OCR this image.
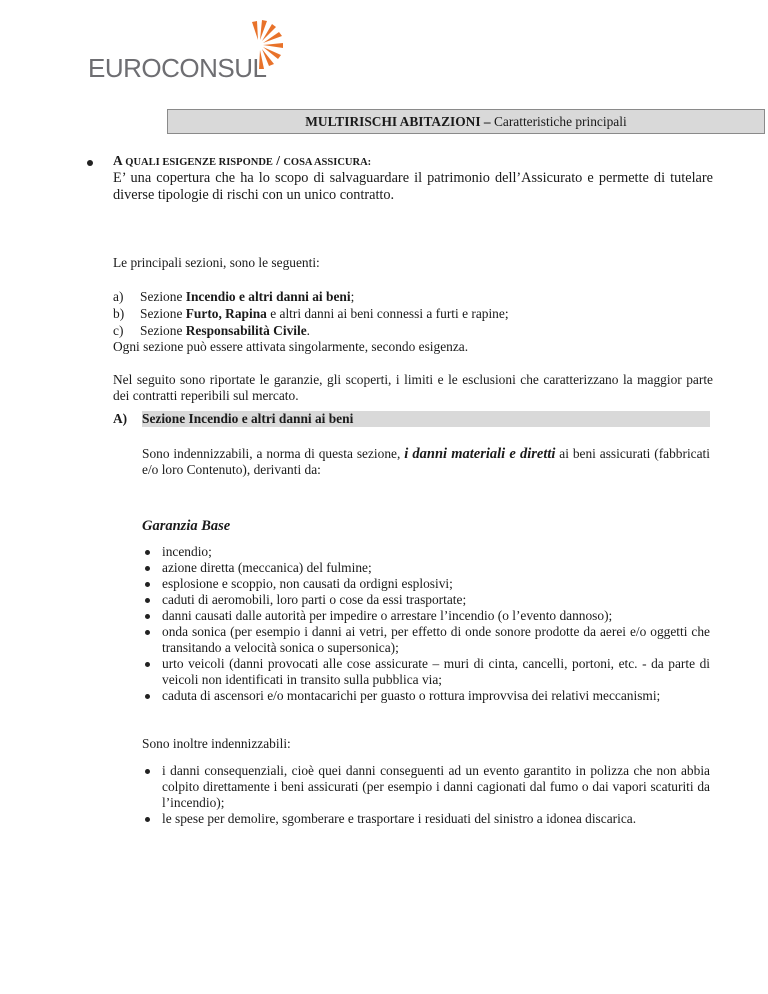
EUROCONSUL
MULTIRISCHI ABITAZIONI – Caratteristiche principali
A QUALI ESIGENZE RISPONDE / COSA ASSICURA:
E’ una copertura che ha lo scopo di salvaguardare il patrimonio dell’Assicurato e permette di tutelare diverse tipologie di rischi con un unico contratto.
Le principali sezioni, sono le seguenti:
a) Sezione Incendio e altri danni ai beni;
b) Sezione Furto, Rapina e altri danni ai beni connessi a furti e rapine;
c) Sezione Responsabilità Civile.
Ogni sezione può essere attivata singolarmente, secondo esigenza.
Nel seguito sono riportate le garanzie, gli scoperti, i limiti e le esclusioni che caratterizzano la maggior parte dei contratti reperibili sul mercato.
A) Sezione Incendio e altri danni ai beni
Sono indennizzabili, a norma di questa sezione, i danni materiali e diretti ai beni assicurati (fabbricati e/o loro Contenuto), derivanti da:
Garanzia Base
incendio;
azione diretta (meccanica) del fulmine;
esplosione e scoppio, non causati da ordigni esplosivi;
caduti di aeromobili, loro parti o cose da essi trasportate;
danni causati dalle autorità per impedire o arrestare l’incendio (o l’evento dannoso);
onda sonica (per esempio i danni ai vetri, per effetto di onde sonore prodotte da aerei e/o oggetti che transitando a velocità sonica o supersonica);
urto veicoli (danni provocati alle cose assicurate – muri di cinta, cancelli, portoni, etc. - da parte di veicoli non identificati in transito sulla pubblica via;
caduta di ascensori e/o montacarichi per guasto o rottura improvvisa dei relativi meccanismi;
Sono inoltre indennizzabili:
i danni consequenziali, cioè quei danni conseguenti ad un evento garantito in polizza che non abbia colpito direttamente i beni assicurati (per esempio i danni cagionati dal fumo o dai vapori scaturiti da l’incendio);
le spese per demolire, sgomberare e trasportare i residuati del sinistro a idonea discarica.
